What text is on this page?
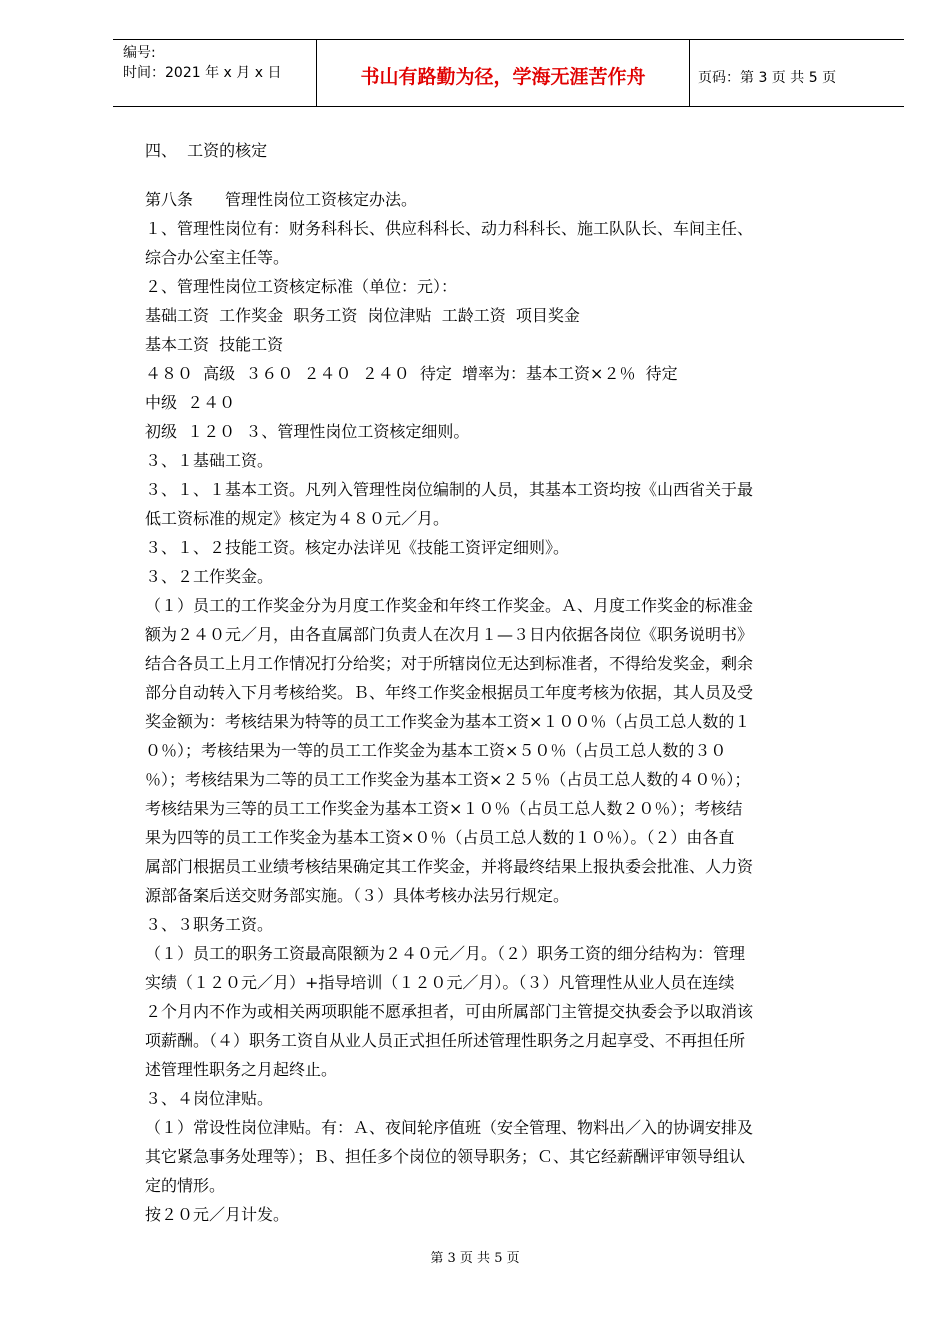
编号:
时间：2021 年 x 月 x 日	书山有路勤为径，学海无涯苦作舟	页码：第 3 页 共 5 页
四、  工资的核定
第八条　　管理性岗位工资核定办法。
１、管理性岗位有：财务科科长、供应科科长、动力科科长、施工队队长、车间主任、
综合办公室主任等。
２、管理性岗位工资核定标准（单位：元）：
基础工资  工作奖金  职务工资  岗位津贴  工龄工资  项目奖金
基本工资  技能工资
４８０  高级  ３６０  ２４０  ２４０  待定  增率为：基本工资×２％  待定
中级  ２４０
初级  １２０  ３、管理性岗位工资核定细则。
３、１基础工资。
３、１、１基本工资。凡列入管理性岗位编制的人员，其基本工资均按《山西省关于最
低工资标准的规定》核定为４８０元／月。
３、１、２技能工资。核定办法详见《技能工资评定细则》。
３、２工作奖金。
（１）员工的工作奖金分为月度工作奖金和年终工作奖金。Ａ、月度工作奖金的标准金
额为２４０元／月，由各直属部门负责人在次月１—３日内依据各岗位《职务说明书》
结合各员工上月工作情况打分给奖；对于所辖岗位无达到标准者，不得给发奖金，剩余
部分自动转入下月考核给奖。Ｂ、年终工作奖金根据员工年度考核为依据，其人员及受
奖金额为：考核结果为特等的员工工作奖金为基本工资×１００％（占员工总人数的１
０％）；考核结果为一等的员工工作奖金为基本工资×５０％（占员工总人数的３０
％）；考核结果为二等的员工工作奖金为基本工资×２５％（占员工总人数的４０％）；
考核结果为三等的员工工作奖金为基本工资×１０％（占员工总人数２０％）；考核结
果为四等的员工工作奖金为基本工资×０％（占员工总人数的１０％）。（２）由各直
属部门根据员工业绩考核结果确定其工作奖金，并将最终结果上报执委会批准、人力资
源部备案后送交财务部实施。（３）具体考核办法另行规定。
３、３职务工资。
（１）员工的职务工资最高限额为２４０元／月。（２）职务工资的细分结构为：管理
实绩（１２０元／月）+指导培训（１２０元／月）。（３）凡管理性从业人员在连续
２个月内不作为或相关两项职能不愿承担者，可由所属部门主管提交执委会予以取消该
项薪酬。（４）职务工资自从业人员正式担任所述管理性职务之月起享受、不再担任所
述管理性职务之月起终止。
３、４岗位津贴。
（１）常设性岗位津贴。有：Ａ、夜间轮序值班（安全管理、物料出／入的协调安排及
其它紧急事务处理等）；Ｂ、担任多个岗位的领导职务；Ｃ、其它经薪酬评审领导组认
定的情形。
按２０元／月计发。
第 3 页 共 5 页
